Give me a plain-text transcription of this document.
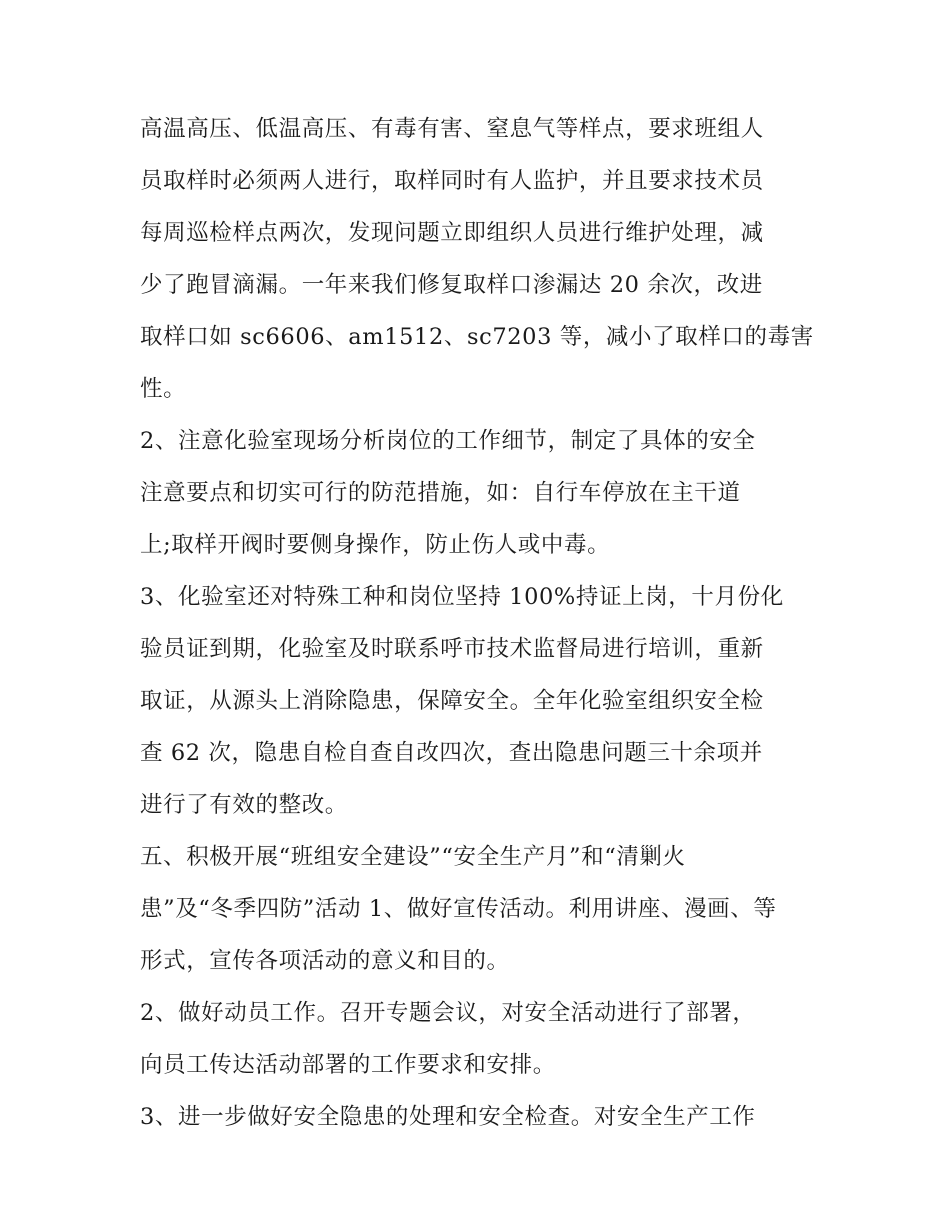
高温高压、低温高压、有毒有害、窒息气等样点，要求班组人
员取样时必须两人进行，取样同时有人监护，并且要求技术员
每周巡检样点两次，发现问题立即组织人员进行维护处理，减
少了跑冒滴漏。一年来我们修复取样口渗漏达 20 余次，改进
取样口如 sc6606、am1512、sc7203 等，减小了取样口的毒害
性。
2、注意化验室现场分析岗位的工作细节，制定了具体的安全
注意要点和切实可行的防范措施，如：自行车停放在主干道
上;取样开阀时要侧身操作，防止伤人或中毒。
3、化验室还对特殊工种和岗位坚持 100%持证上岗，十月份化
验员证到期，化验室及时联系呼市技术监督局进行培训，重新
取证，从源头上消除隐患，保障安全。全年化验室组织安全检
查 62 次，隐患自检自查自改四次，查出隐患问题三十余项并
进行了有效的整改。
五、积极开展“班组安全建设”“安全生产月”和“清剿火
患”及“冬季四防”活动 1、做好宣传活动。利用讲座、漫画、等
形式，宣传各项活动的意义和目的。
2、做好动员工作。召开专题会议，对安全活动进行了部署，
向员工传达活动部署的工作要求和安排。
3、进一步做好安全隐患的处理和安全检查。对安全生产工作
